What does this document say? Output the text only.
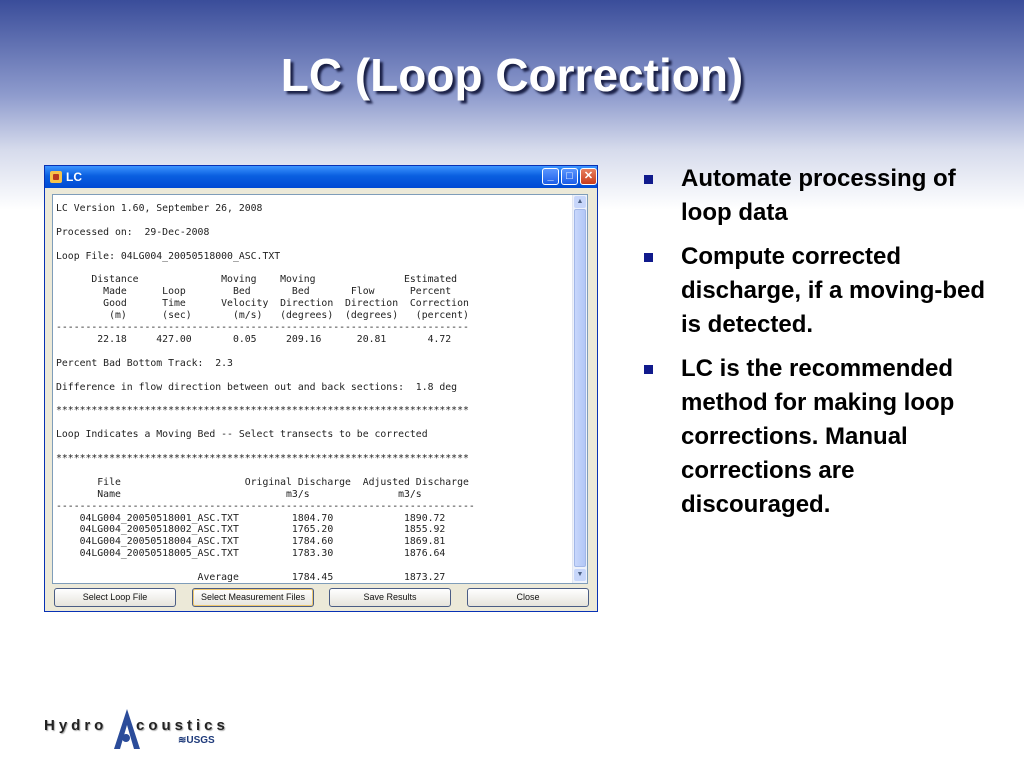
LC (Loop Correction)
LC	_	□	✕
LC Version 1.60, September 26, 2008

Processed on:  29-Dec-2008

Loop File: 04LG004_20050518000_ASC.TXT

Distance              Moving    Moving               Estimated
Made      Loop        Bed       Bed       Flow      Percent
Good      Time      Velocity  Direction  Direction  Correction
(m)      (sec)       (m/s)   (degrees)  (degrees)   (percent)
----------------------------------------------------------------------
22.18     427.00       0.05     209.16      20.81       4.72

Percent Bad Bottom Track:  2.3

Difference in flow direction between out and back sections:  1.8 deg

**********************************************************************

Loop Indicates a Moving Bed -- Select transects to be corrected

**********************************************************************

File                     Original Discharge  Adjusted Discharge
Name                            m3/s               m3/s
-----------------------------------------------------------------------
04LG004_20050518001_ASC.TXT         1804.70            1890.72
04LG004_20050518002_ASC.TXT         1765.20            1855.92
04LG004_20050518004_ASC.TXT         1784.60            1869.81
04LG004_20050518005_ASC.TXT         1783.30            1876.64

Average         1784.45            1873.27
▲
▼
Select Loop File	Select Measurement Files	Save Results	Close
Automate processing of loop data
Compute corrected discharge, if a moving-bed is detected.
LC is the recommended method for making loop corrections. Manual corrections are discouraged.
Hydro coustics
≋USGS
